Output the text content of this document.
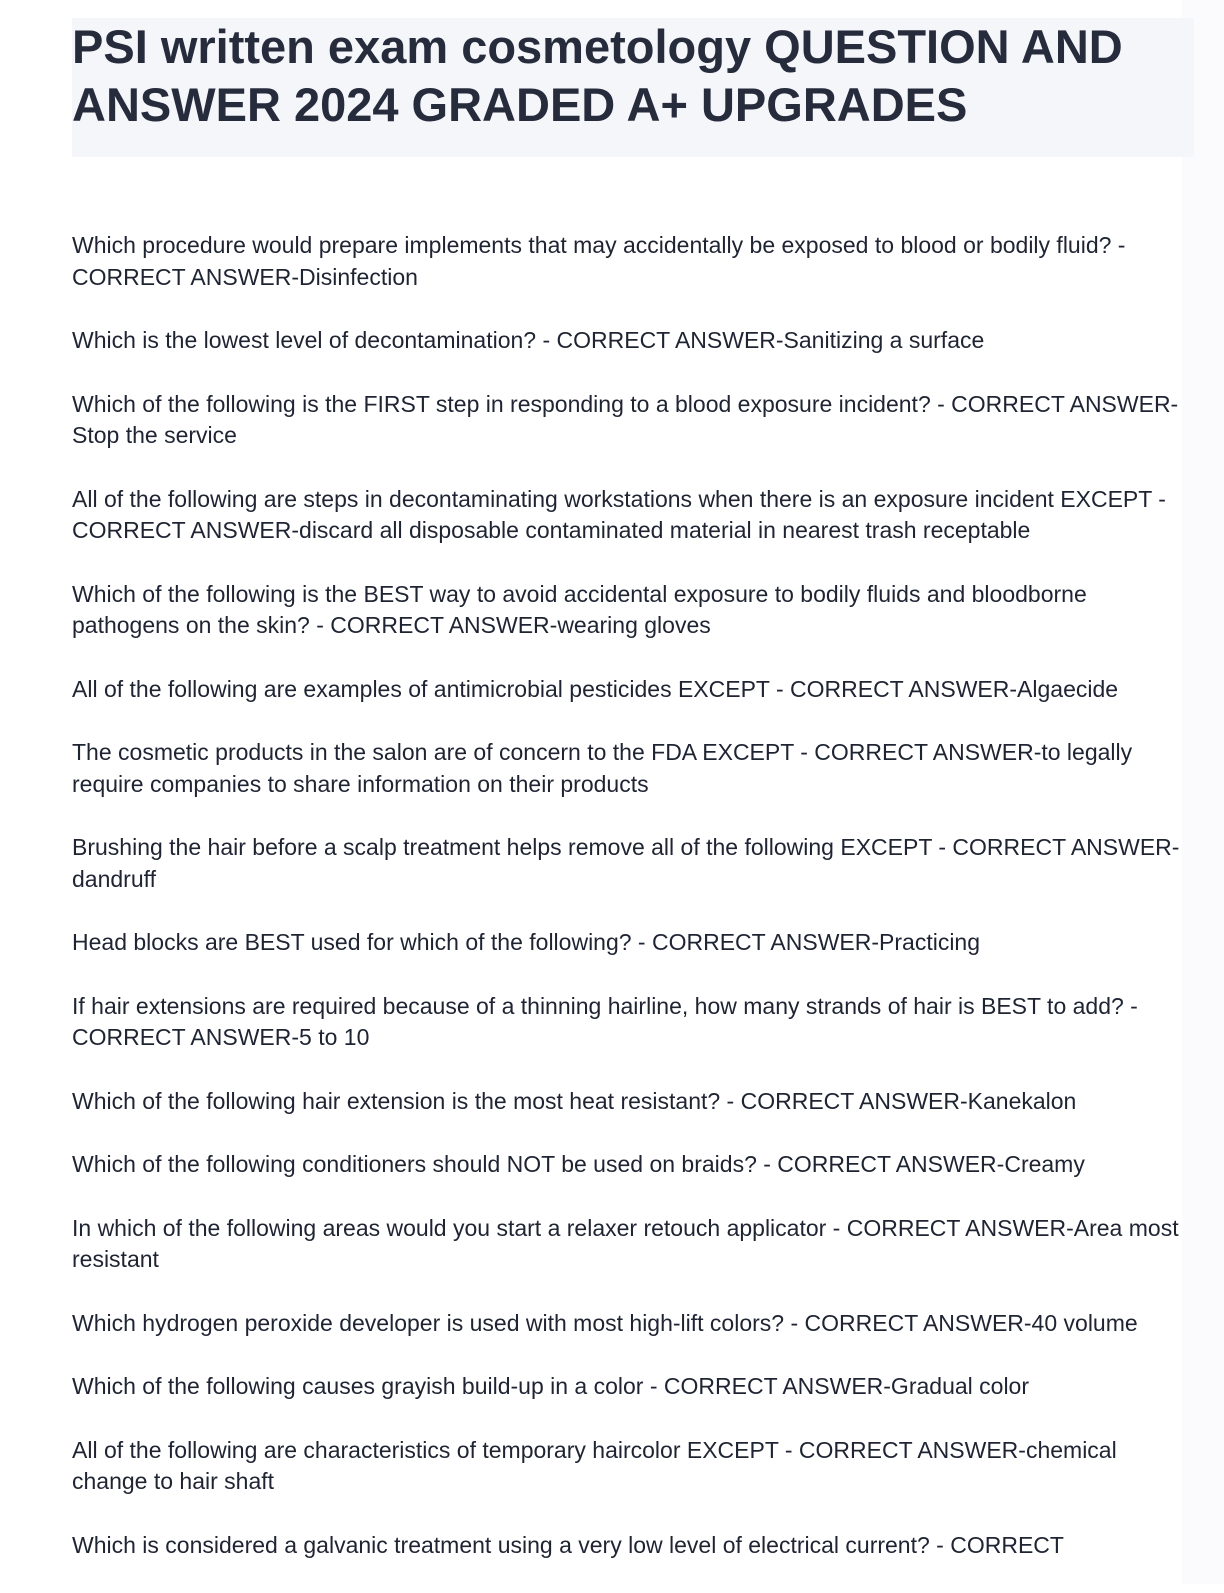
PSI written exam cosmetology QUESTION AND ANSWER 2024 GRADED A+ UPGRADES

Which procedure would prepare implements that may accidentally be exposed to blood or bodily fluid? - CORRECT ANSWER-Disinfection

Which is the lowest level of decontamination? - CORRECT ANSWER-Sanitizing a surface

Which of the following is the FIRST step in responding to a blood exposure incident? - CORRECT ANSWER-Stop the service

All of the following are steps in decontaminating workstations when there is an exposure incident EXCEPT - CORRECT ANSWER-discard all disposable contaminated material in nearest trash receptable

Which of the following is the BEST way to avoid accidental exposure to bodily fluids and bloodborne pathogens on the skin? - CORRECT ANSWER-wearing gloves

All of the following are examples of antimicrobial pesticides EXCEPT - CORRECT ANSWER-Algaecide

The cosmetic products in the salon are of concern to the FDA EXCEPT - CORRECT ANSWER-to legally require companies to share information on their products

Brushing the hair before a scalp treatment helps remove all of the following EXCEPT - CORRECT ANSWER-dandruff

Head blocks are BEST used for which of the following? - CORRECT ANSWER-Practicing

If hair extensions are required because of a thinning hairline, how many strands of hair is BEST to add? - CORRECT ANSWER-5 to 10

Which of the following hair extension is the most heat resistant? - CORRECT ANSWER-Kanekalon

Which of the following conditioners should NOT be used on braids? - CORRECT ANSWER-Creamy

In which of the following areas would you start a relaxer retouch applicator - CORRECT ANSWER-Area most resistant

Which hydrogen peroxide developer is used with most high-lift colors? - CORRECT ANSWER-40 volume

Which of the following causes grayish build-up in a color - CORRECT ANSWER-Gradual color

All of the following are characteristics of temporary haircolor EXCEPT - CORRECT ANSWER-chemical change to hair shaft

Which is considered a galvanic treatment using a very low level of electrical current? - CORRECT
